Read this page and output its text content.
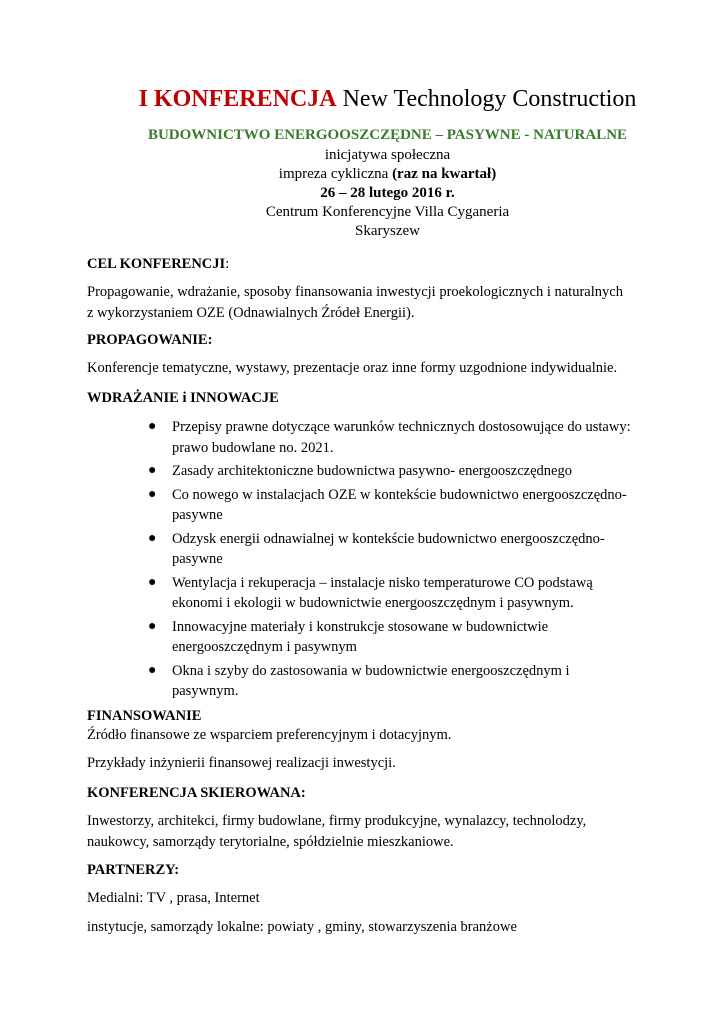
I KONFERENCJA New Technology Construction
BUDOWNICTWO ENERGOOSZCZĘDNE – PASYWNE - NATURALNE
inicjatywa społeczna
impreza cykliczna (raz na kwartał)
26 – 28 lutego 2016 r.
Centrum Konferencyjne Villa Cyganeria
Skaryszew
CEL KONFERENCJI:
Propagowanie, wdrażanie, sposoby finansowania inwestycji proekologicznych i naturalnych
z wykorzystaniem OZE (Odnawialnych Źródeł Energii).
PROPAGOWANIE:
Konferencje tematyczne, wystawy, prezentacje oraz inne formy uzgodnione indywidualnie.
WDRAŻANIE i INNOWACJE
● Przepisy prawne dotyczące warunków technicznych dostosowujące do ustawy:
prawo budowlane no. 2021.
● Zasady architektoniczne budownictwa pasywno- energooszczędnego
● Co nowego w instalacjach OZE w kontekście budownictwo energooszczędno-
pasywne
● Odzysk energii odnawialnej w kontekście budownictwo energooszczędno-
pasywne
● Wentylacja i rekuperacja – instalacje nisko temperaturowe CO podstawą
ekonomi i ekologii w budownictwie energooszczędnym i pasywnym.
● Innowacyjne materiały i konstrukcje stosowane w budownictwie
energooszczędnym i pasywnym
● Okna i szyby do zastosowania w budownictwie energooszczędnym i
pasywnym.
FINANSOWANIE
Źródło finansowe ze wsparciem preferencyjnym i dotacyjnym.
Przykłady inżynierii finansowej realizacji inwestycji.
KONFERENCJA SKIEROWANA:
Inwestorzy, architekci, firmy budowlane, firmy produkcyjne, wynalazcy, technolodzy,
naukowcy, samorządy terytorialne, spółdzielnie mieszkaniowe.
PARTNERZY:
Medialni: TV , prasa, Internet
instytucje, samorządy lokalne: powiaty , gminy, stowarzyszenia branżowe
